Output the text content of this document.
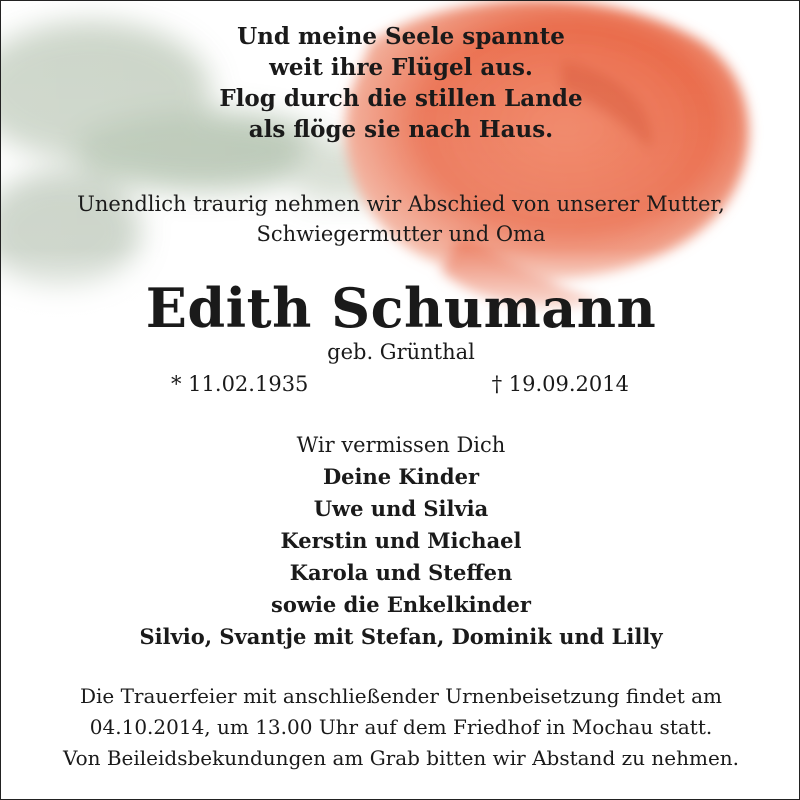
Und meine Seele spannte
weit ihre Flügel aus.
Flog durch die stillen Lande
als flöge sie nach Haus.
Unendlich traurig nehmen wir Abschied von unserer Mutter,
Schwiegermutter und Oma
Edith Schumann
geb. Grünthal
* 11.02.1935	† 19.09.2014
Wir vermissen Dich
Deine Kinder
Uwe und Silvia
Kerstin und Michael
Karola und Steffen
sowie die Enkelkinder
Silvio, Svantje mit Stefan, Dominik und Lilly
Die Trauerfeier mit anschließender Urnenbeisetzung findet am
04.10.2014, um 13.00 Uhr auf dem Friedhof in Mochau statt.
Von Beileidsbekundungen am Grab bitten wir Abstand zu nehmen.
